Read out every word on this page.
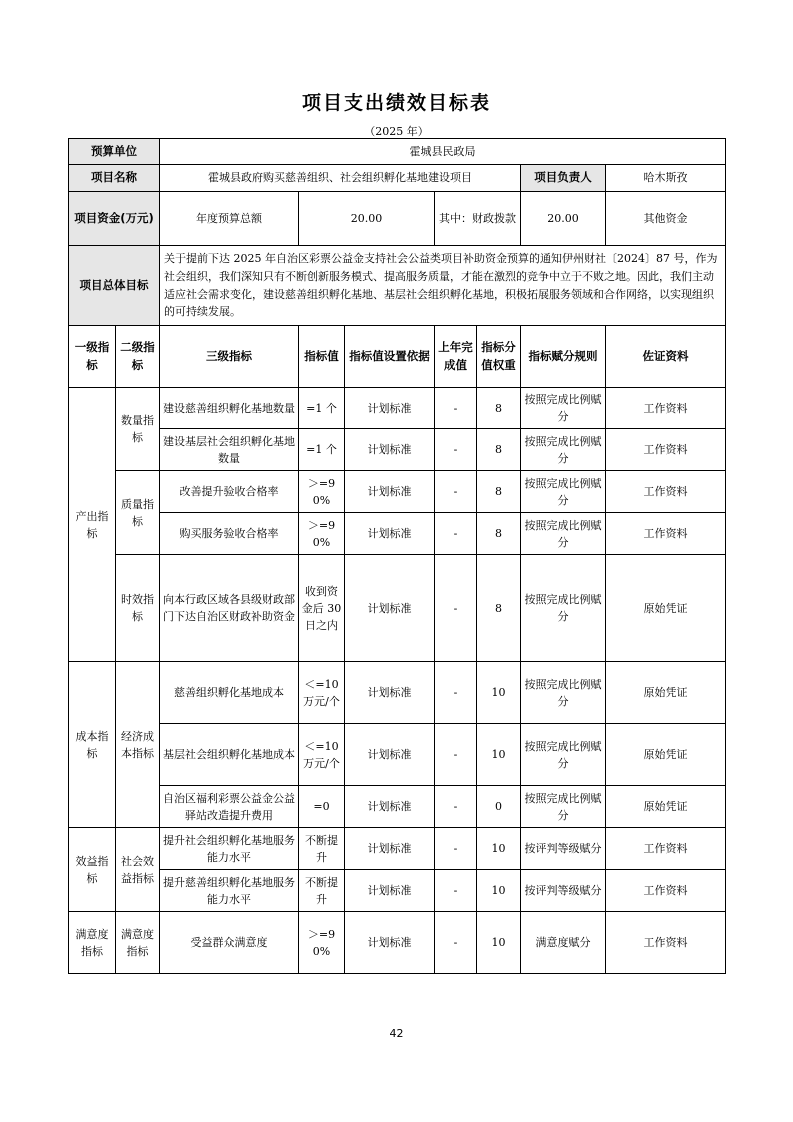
项目支出绩效目标表
（2025 年）
预算单位		霍城县民政局							
项目名称		霍城县政府购买慈善组织、社会组织孵化基地建设项目					项目负责人	哈木斯孜	
项目资金(万元)		年度预算总额	20.00		其中：财政拨款		20.00	其他资金	
项目总体目标		关于提前下达 2025 年自治区彩票公益金支持社会公益类项目补助资金预算的通知伊州财社〔2024〕87 号，作为社会组织，我们深知只有不断创新服务模式、提高服务质量，才能在激烈的竞争中立于不败之地。因此，我们主动适应社会需求变化，建设慈善组织孵化基地、基层社会组织孵化基地，积极拓展服务领域和合作网络，以实现组织的可持续发展。							
一级指标	二级指标	三级指标	指标值	指标值设置依据	上年完成值	指标分值权重	指标赋分规则	佐证资料	
产出指标	数量指标	建设慈善组织孵化基地数量	=1 个	计划标准	-	8	按照完成比例赋分	工作资料	
		建设基层社会组织孵化基地数量	=1 个	计划标准	-	8	按照完成比例赋分	工作资料	
	质量指标	改善提升验收合格率	＞=90%	计划标准	-	8	按照完成比例赋分	工作资料	
		购买服务验收合格率	＞=90%	计划标准	-	8	按照完成比例赋分	工作资料	
	时效指标	向本行政区域各县级财政部门下达自治区财政补助资金	收到资金后 30 日之内	计划标准	-	8	按照完成比例赋分	原始凭证	
成本指标	经济成本指标	慈善组织孵化基地成本	＜=10 万元/个	计划标准	-	10	按照完成比例赋分	原始凭证	
		基层社会组织孵化基地成本	＜=10 万元/个	计划标准	-	10	按照完成比例赋分	原始凭证	
		自治区福利彩票公益金公益驿站改造提升费用	=0	计划标准	-	0	按照完成比例赋分	原始凭证	
效益指标	社会效益指标	提升社会组织孵化基地服务能力水平	不断提升	计划标准	-	10	按评判等级赋分	工作资料	
		提升慈善组织孵化基地服务能力水平	不断提升	计划标准	-	10	按评判等级赋分	工作资料	
满意度指标	满意度指标	受益群众满意度	＞=90%	计划标准	-	10	满意度赋分	工作资料	
42
